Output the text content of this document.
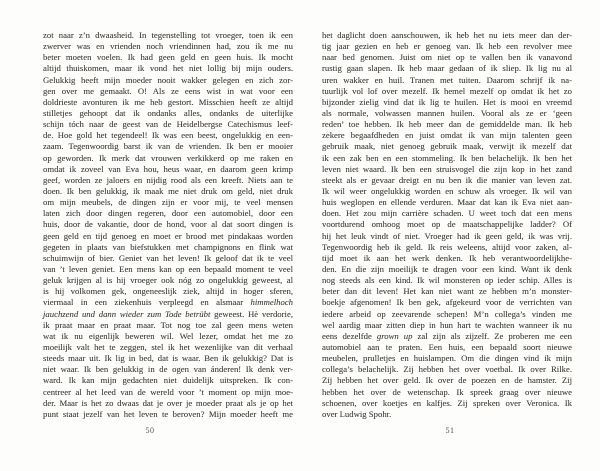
zot naar z’n dwaasheid. In tegenstelling tot vroeger, toen ik een
zwerver was en vrienden noch vriendinnen had, zou ik me nu
beter moeten voelen. Ik had geen geld en geen huis. Ik mocht
altijd thuiskomen, maar ik vond het niet lollig bij mijn ouders.
Gelukkig heeft mijn moeder nooit wakker gelegen en zich zor-
gen over me gemaakt. O! Als ze eens wist in wat voor een
doldrieste avonturen ik me heb gestort. Misschien heeft ze altijd
stilletjes gehoopt dat ik ondanks alles, ondanks de uiterlijke
schijn tóch naar de geest van de Heidelbergse Catechismus leef-
de. Hoe gold het tegendeel! Ik was een beest, ongelukkig en een-
zaam. Tegenwoordig barst ik van de vrienden. Ik ben er mooier
op geworden. Ik merk dat vrouwen verkikkerd op me raken en
omdat ik zoveel van Eva hou, heus waar, en daarom geen krimp
geef, worden ze jaloers en nijdig rood als een kreeft. Niets aan te
doen. Ik ben gelukkig, ik maak me niet druk om geld, niet druk
om mijn meubels, de dingen zijn er voor mij, te veel mensen
laten zich door dingen regeren, door een automobiel, door een
huis, door de vakantie, door de hond, voor al dat soort dingen is
geen geld en tijd genoeg en moet er brood met pindakaas worden
gegeten in plaats van biefstukken met champignons en flink wat
schuimwijn of bier. Geniet van het leven! Ik geloof dat ik te veel
van ’t leven geniet. Een mens kan op een bepaald moment te veel
geluk krijgen al is hij vroeger ook nóg zo ongelukkig geweest, al
is hij volkomen gek, ongeneeslijk ziek, altijd in hoger sferen,
viermaal in een ziekenhuis verpleegd en alsmaar himmelhoch
jauchzend und dann wieder zum Tode betrübt geweest. Hè verdorie,
ik praat maar en praat maar. Tot nog toe zal geen mens weten
wat ik nu eigenlijk beweren wil. Wel lezer, omdat het me zo
moeilijk valt het te zeggen, stel ik het wezenlijke van dit verhaal
steeds maar uit. Ik lig in bed, dat is waar. Ben ik gelukkig? Dat is
niet waar. Ik ben gelukkig in de ogen van ánderen! Ik denk ver-
ward. Ik kan mijn gedachten niet duidelijk uitspreken. Ik con-
centreer al het leed van de wereld voor ’t moment op mijn moe-
der. Maar is het zo dwaas dat je over je moeder praat als je op het
punt staat jezelf van het leven te beroven? Mijn moeder heeft me
het daglicht doen aanschouwen, ik heb het nu iets meer dan der-
tig jaar gezien en heb er genoeg van. Ik heb een revolver mee
naar bed genomen. Juist om niet op te vallen ben ik vanavond
rustig gaan slapen. Ik heb maar gedaan of ik sliep. Ik lig nu al
uren wakker en huil. Tranen met tuiten. Daarom schrijf ik na-
tuurlijk vol lof over mezelf. Ik hemel mezelf op omdat ik het zo
bijzonder zielig vind dat ik lig te huilen. Het is mooi en vreemd
als normale, volwassen mannen huilen. Vooral als ze er ‘geen
reden’ toe hebben. Ik heb meer dan de gemiddelde man. Ik heb
zekere begaafdheden en juist omdat ik van mijn talenten geen
gebruik maak, niet genoeg gebruik maak, verwijt ik mezelf dat
ik een zak ben en een stommeling. Ik ben belachelijk. Ik ben het
leven niet waard. Ik ben een struisvogel die zijn kop in het zand
steekt als er gevaar dreigt en nu ben ik die manier van leven zat.
Ik wil weer ongelukkig worden en schuw als vroeger. Ik wil van
huis weglopen en ellende verduren. Maar dat kan ik Eva niet aan-
doen. Het zou mijn carrière schaden. U weet toch dat een mens
voortdurend omhoog moet op de maatschappelijke ladder? Of
hij het leuk vindt of niet. Vroeger had ik geen geld, ik was vrij.
Tegenwoordig heb ik geld. Ik reis weleens, altijd voor zaken, al-
tijd moet ik aan het werk denken. Ik heb verantwoordelijkhe-
den. En die zijn moeilijk te dragen voor een kind. Want ik denk
nog steeds als een kind. Ik wil monsteren op ieder schip. Alles is
beter dan dit leven! Het kan niet want ze hebben m’n monster-
boekje afgenomen! Ik ben gek, afgekeurd voor de verrichten van
iedere arbeid op zeevarende schepen! M’n collega’s vinden me
wel aardig maar zitten diep in hun hart te wachten wanneer ik nu
eens dezelfde grown up zal zijn als zijzelf. Ze proberen me een
automobiel aan te praten. Een huis, een bepaald soort nieuwe
meubelen, prulletjes en huislampen. Om die dingen vind ik mijn
collega’s belachelijk. Zij hebben het over voetbal. Ik over Rilke.
Zij hebben het over geld. Ik over de poezen en de hamster. Zij
hebben het over de wetenschap. Ik spreek graag over nieuwe
schoenen, over koetjes en kalfjes. Zij spreken over Veronica. Ik
over Ludwig Spohr.
50	51
